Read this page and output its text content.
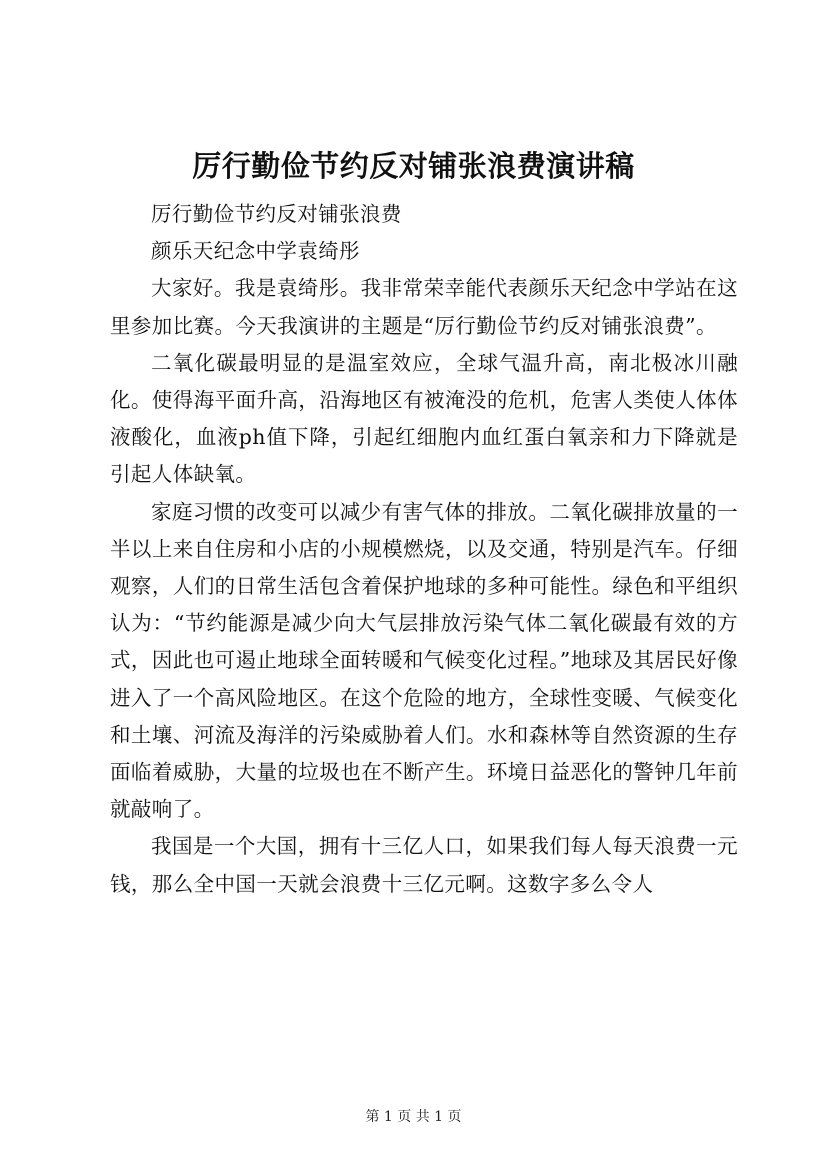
厉行勤俭节约反对铺张浪费演讲稿

厉行勤俭节约反对铺张浪费

颜乐天纪念中学袁绮彤

大家好。我是袁绮彤。我非常荣幸能代表颜乐天纪念中学站在这里参加比赛。今天我演讲的主题是“厉行勤俭节约反对铺张浪费”。

二氧化碳最明显的是温室效应，全球气温升高，南北极冰川融化。使得海平面升高，沿海地区有被淹没的危机，危害人类使人体体液酸化，血液ph值下降，引起红细胞内血红蛋白氧亲和力下降就是引起人体缺氧。

家庭习惯的改变可以减少有害气体的排放。二氧化碳排放量的一半以上来自住房和小店的小规模燃烧，以及交通，特别是汽车。仔细观察，人们的日常生活包含着保护地球的多种可能性。绿色和平组织认为：“节约能源是减少向大气层排放污染气体二氧化碳最有效的方式，因此也可遏止地球全面转暖和气候变化过程。”地球及其居民好像进入了一个高风险地区。在这个危险的地方，全球性变暖、气候变化和土壤、河流及海洋的污染威胁着人们。水和森林等自然资源的生存面临着威胁，大量的垃圾也在不断产生。环境日益恶化的警钟几年前就敲响了。

我国是一个大国，拥有十三亿人口，如果我们每人每天浪费一元钱，那么全中国一天就会浪费十三亿元啊。这数字多么令人

第 1 页 共 1 页
